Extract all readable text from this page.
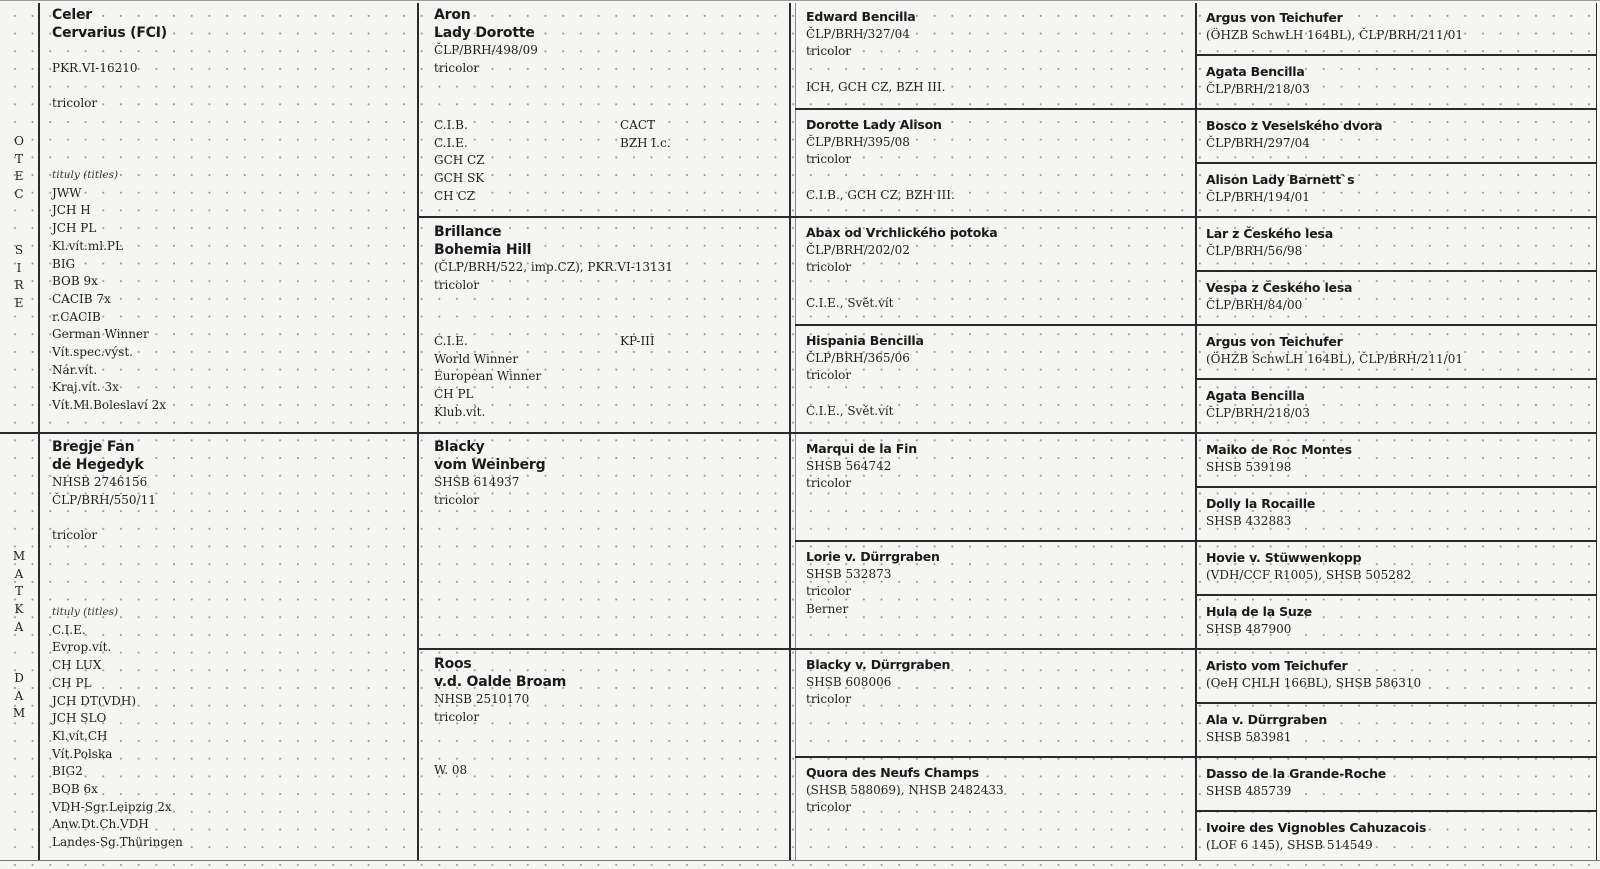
O
T
E
C
S
I
R
E
M
A
T
K
A
D
A
M
Celer
Cervarius (FCI)
PKR.VI-16210
tricolor
tituly (titles)
JWW
JCH H
JCH PL
Kl.vít.ml.PL
BIG
BOB 9x
CACIB 7x
r.CACIB
German Winner
Vít.spec.výst.
Nár.vít.
Kraj.vít. 3x
Vít.Ml.Boleslaví 2x
Bregje Fan
de Hegedyk
NHSB 2746156
ČLP/BRH/550/11
tricolor
tituly (titles)
C.I.E.
Evrop.vít.
CH LUX
CH PL
JCH DT(VDH)
JCH SLO
Kl.vít.CH
Vít.Polska
BIG2
BOB 6x
VDH-Sgr.Leipzig 2x
Anw.Dt.Ch.VDH
Landes-Sg.Thüringen
Aron
Lady Dorotte
ČLP/BRH/498/09
tricolor
C.I.B.
C.I.E.
GCH CZ
GCH SK
CH CZ
CACT
BZH I.c.
Brillance
Bohemia Hill
(ČLP/BRH/522, imp.CZ), PKR.VI-13131
tricolor
C.I.E.
World Winner
European Winner
CH PL
Klub.vít.
KP-III
Blacky
vom Weinberg
SHSB 614937
tricolor
Roos
v.d. Oalde Broam
NHSB 2510170
tricolor
W. 08
Edward Bencilla
ČLP/BRH/327/04
tricolor
ICH, GCH CZ, BZH III.
Dorotte Lady Alison
ČLP/BRH/395/08
tricolor
C.I.B., GCH CZ, BZH III.
Abax od Vrchlického potoka
ČLP/BRH/202/02
tricolor
C.I.E., Svět.vít
Hispania Bencilla
ČLP/BRH/365/06
tricolor
C.I.E., Svět.vít
Marqui de la Fin
SHSB 564742
tricolor
Lorie v. Dürrgraben
SHSB 532873
tricolor
Berner
Blacky v. Dürrgraben
SHSB 608006
tricolor
Quora des Neufs Champs
(SHSB 588069), NHSB 2482433
tricolor
Argus von Teichufer
(ÖHZB SchwLH 164BL), ČLP/BRH/211/01
Agata Bencilla
ČLP/BRH/218/03
Bosco z Veselského dvora
ČLP/BRH/297/04
Alison Lady Barnett`s
ČLP/BRH/194/01
Lar z Českého lesa
ČLP/BRH/56/98
Vespa z Českého lesa
ČLP/BRH/84/00
Argus von Teichufer
(ÖHZB SchwLH 164BL), ČLP/BRH/211/01
Agata Bencilla
ČLP/BRH/218/03
Maiko de Roc Montes
SHSB 539198
Dolly la Rocaille
SHSB 432883
Hovie v. Stüwwenkopp
(VDH/CCF R1005), SHSB 505282
Hula de la Suze
SHSB 487900
Aristo vom Teichufer
(OeH CHLH 166BL), SHSB 586310
Ala v. Dürrgraben
SHSB 583981
Dasso de la Grande-Roche
SHSB 485739
Ivoire des Vignobles Cahuzacois
(LOF 6 145), SHSB 514549
